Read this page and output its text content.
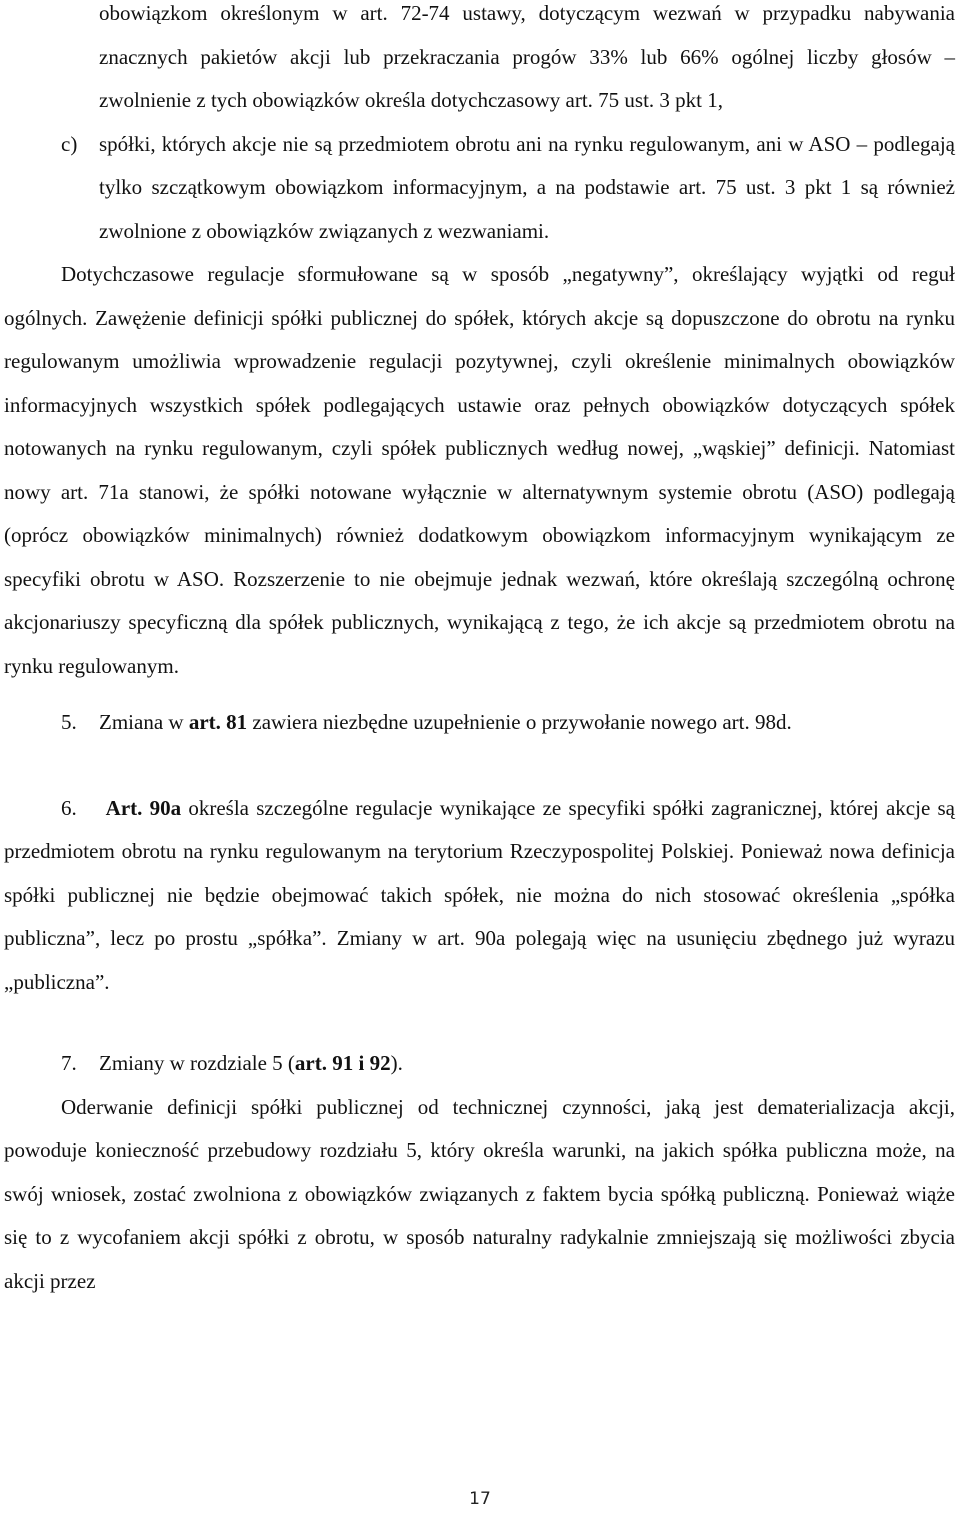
obowiązkom określonym w art. 72-74 ustawy, dotyczącym wezwań w przypadku nabywania znacznych pakietów akcji lub przekraczania progów 33% lub 66% ogólnej liczby głosów – zwolnienie z tych obowiązków określa dotychczasowy art. 75 ust. 3 pkt 1,
c) spółki, których akcje nie są przedmiotem obrotu ani na rynku regulowanym, ani w ASO – podlegają tylko szczątkowym obowiązkom informacyjnym, a na podstawie art. 75 ust. 3 pkt 1 są również zwolnione z obowiązków związanych z wezwaniami.
Dotychczasowe regulacje sformułowane są w sposób „negatywny”, określający wyjątki od reguł ogólnych. Zawężenie definicji spółki publicznej do spółek, których akcje są dopuszczone do obrotu na rynku regulowanym umożliwia wprowadzenie regulacji pozytywnej, czyli określenie minimalnych obowiązków informacyjnych wszystkich spółek podlegających ustawie oraz pełnych obowiązków dotyczących spółek notowanych na rynku regulowanym, czyli spółek publicznych według nowej, „wąskiej” definicji. Natomiast nowy art. 71a stanowi, że spółki notowane wyłącznie w alternatywnym systemie obrotu (ASO) podlegają (oprócz obowiązków minimalnych) również dodatkowym obowiązkom informacyjnym wynikającym ze specyfiki obrotu w ASO. Rozszerzenie to nie obejmuje jednak wezwań, które określają szczególną ochronę akcjonariuszy specyficzną dla spółek publicznych, wynikającą z tego, że ich akcje są przedmiotem obrotu na rynku regulowanym.
5. Zmiana w art. 81 zawiera niezbędne uzupełnienie o przywołanie nowego art. 98d.
6. Art. 90a określa szczególne regulacje wynikające ze specyfiki spółki zagranicznej, której akcje są przedmiotem obrotu na rynku regulowanym na terytorium Rzeczypospolitej Polskiej. Ponieważ nowa definicja spółki publicznej nie będzie obejmować takich spółek, nie można do nich stosować określenia „spółka publiczna”, lecz po prostu „spółka”. Zmiany w art. 90a polegają więc na usunięciu zbędnego już wyrazu „publiczna”.
7. Zmiany w rozdziale 5 (art. 91 i 92).
Oderwanie definicji spółki publicznej od technicznej czynności, jaką jest dematerializacja akcji, powoduje konieczność przebudowy rozdziału 5, który określa warunki, na jakich spółka publiczna może, na swój wniosek, zostać zwolniona z obowiązków związanych z faktem bycia spółką publiczną. Ponieważ wiąże się to z wycofaniem akcji spółki z obrotu, w sposób naturalny radykalnie zmniejszają się możliwości zbycia akcji przez
17
